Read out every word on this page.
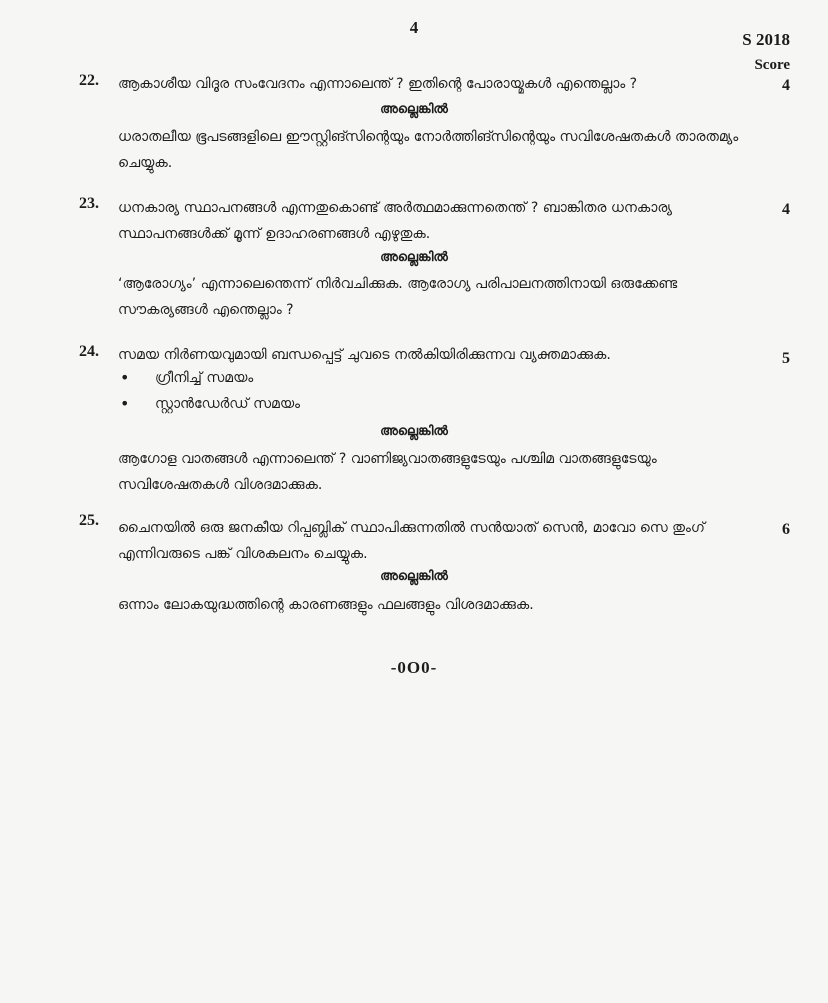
4
S 2018
Score
22. ആകാശീയ വിദൂര സംവേദനം എന്നാലെന്ത് ? ഇതിന്റെ പോരായ്മകൾ എന്തെല്ലാം ?	4
അല്ലെങ്കിൽ
ധരാതലീയ ഭൂപടങ്ങളിലെ ഈസ്റ്റിങ്സിന്റെയും നോർത്തിങ്സിന്റെയും സവിശേഷതകൾ താരതമ്യം ചെയ്യുക.
23. ധനകാര്യ സ്ഥാപനങ്ങൾ എന്നതുകൊണ്ട് അർത്ഥമാക്കുന്നതെന്ത് ? ബാങ്കിതര ധനകാര്യ സ്ഥാപനങ്ങൾക്ക് മൂന്ന് ഉദാഹരണങ്ങൾ എഴുതുക.
4
അല്ലെങ്കിൽ
‘ആരോഗ്യം’ എന്നാലെന്തെന്ന് നിർവചിക്കുക. ആരോഗ്യ പരിപാലനത്തിനായി ഒരുക്കേണ്ട സൗകര്യങ്ങൾ എന്തെല്ലാം ?
24. സമയ നിർണയവുമായി ബന്ധപ്പെട്ട് ചുവടെ നൽകിയിരിക്കുന്നവ വ്യക്തമാക്കുക.	5
• ഗ്രീനിച്ച് സമയം
• സ്റ്റാൻഡേർഡ് സമയം
അല്ലെങ്കിൽ
ആഗോള വാതങ്ങൾ എന്നാലെന്ത് ? വാണിജ്യവാതങ്ങളുടേയും പശ്ചിമ വാതങ്ങളുടേയും സവിശേഷതകൾ വിശദമാക്കുക.
25. ചൈനയിൽ ഒരു ജനകീയ റിപ്പബ്ലിക് സ്ഥാപിക്കുന്നതിൽ സൻയാത് സെൻ, മാവോ സെ തുംഗ് എന്നിവരുടെ പങ്ക് വിശകലനം ചെയ്യുക.
6
അല്ലെങ്കിൽ
ഒന്നാം ലോകയുദ്ധത്തിന്റെ കാരണങ്ങളും ഫലങ്ങളും വിശദമാക്കുക.
-0O0-
